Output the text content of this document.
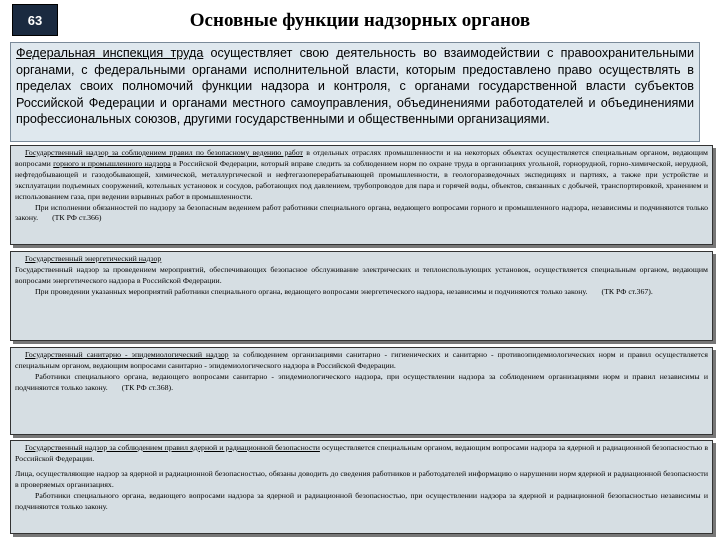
63	Основные функции надзорных органов
Федеральная инспекция труда осуществляет свою деятельность во взаимодействии с правоохранительными органами, с федеральными органами исполнительной власти, которым предоставлено право осуществлять в пределах своих полномочий функции надзора и контроля, с органами государственной власти субъектов Российской Федерации и органами местного самоуправления, объединениями работодателей и объединениями профессиональных союзов, другими государственными и общественными организациями.

Государственный надзор за соблюдением правил по безопасному ведению работ в отдельных отраслях промышленности и на некоторых объектах осуществляется специальным органом, ведающим вопросами горного и промышленного надзора в Российской Федерации, который вправе следить за соблюдением норм по охране труда в организациях угольной, горнорудной, горно-химической, нерудной, нефтедобывающей и газодобывающей, химической, металлургической и нефтегазоперерабатывающей промышленности, в геологоразведочных экспедициях и партиях, а также при устройстве и эксплуатации подъемных сооружений, котельных установок и сосудов, работающих под давлением, трубопроводов для пара и горячей воды, объектов, связанных с добычей, транспортировкой, хранением и использованием газа, при ведении взрывных работ в промышленности.

При исполнении обязанностей по надзору за безопасным ведением работ работники специального органа, ведающего вопросами горного и промышленного надзора, независимы и подчиняются только закону. (ТК РФ ст.366)

Государственный энергетический надзор

Государственный надзор за проведением мероприятий, обеспечивающих безопасное обслуживание электрических и теплоиспользующих установок, осуществляется специальным органом, ведающим вопросами энергетического надзора в Российской Федерации.

При проведении указанных мероприятий работники специального органа, ведающего вопросами энергетического надзора, независимы и подчиняются только закону. (ТК РФ ст.367).

Государственный санитарно - эпидемиологический надзор за соблюдением организациями санитарно - гигиенических и санитарно - противоэпидемиологических норм и правил осуществляется специальным органом, ведающим вопросами санитарно - эпидемиологического надзора в Российской Федерации.

Работники специального органа, ведающего вопросами санитарно - эпидемиологического надзора, при осуществлении надзора за соблюдением организациями норм и правил независимы и подчиняются только закону. (ТК РФ ст.368).

Государственный надзор за соблюдением правил ядерной и радиационной безопасности осуществляется специальным органом, ведающим вопросами надзора за ядерной и радиационной безопасностью в Российской Федерации.

Лица, осуществляющие надзор за ядерной и радиационной безопасностью, обязаны доводить до сведения работников и работодателей информацию о нарушении норм ядерной и радиационной безопасности в проверяемых организациях.

Работники специального органа, ведающего вопросами надзора за ядерной и радиационной безопасностью, при осуществлении надзора за ядерной и радиационной безопасностью независимы и подчиняются только закону.
